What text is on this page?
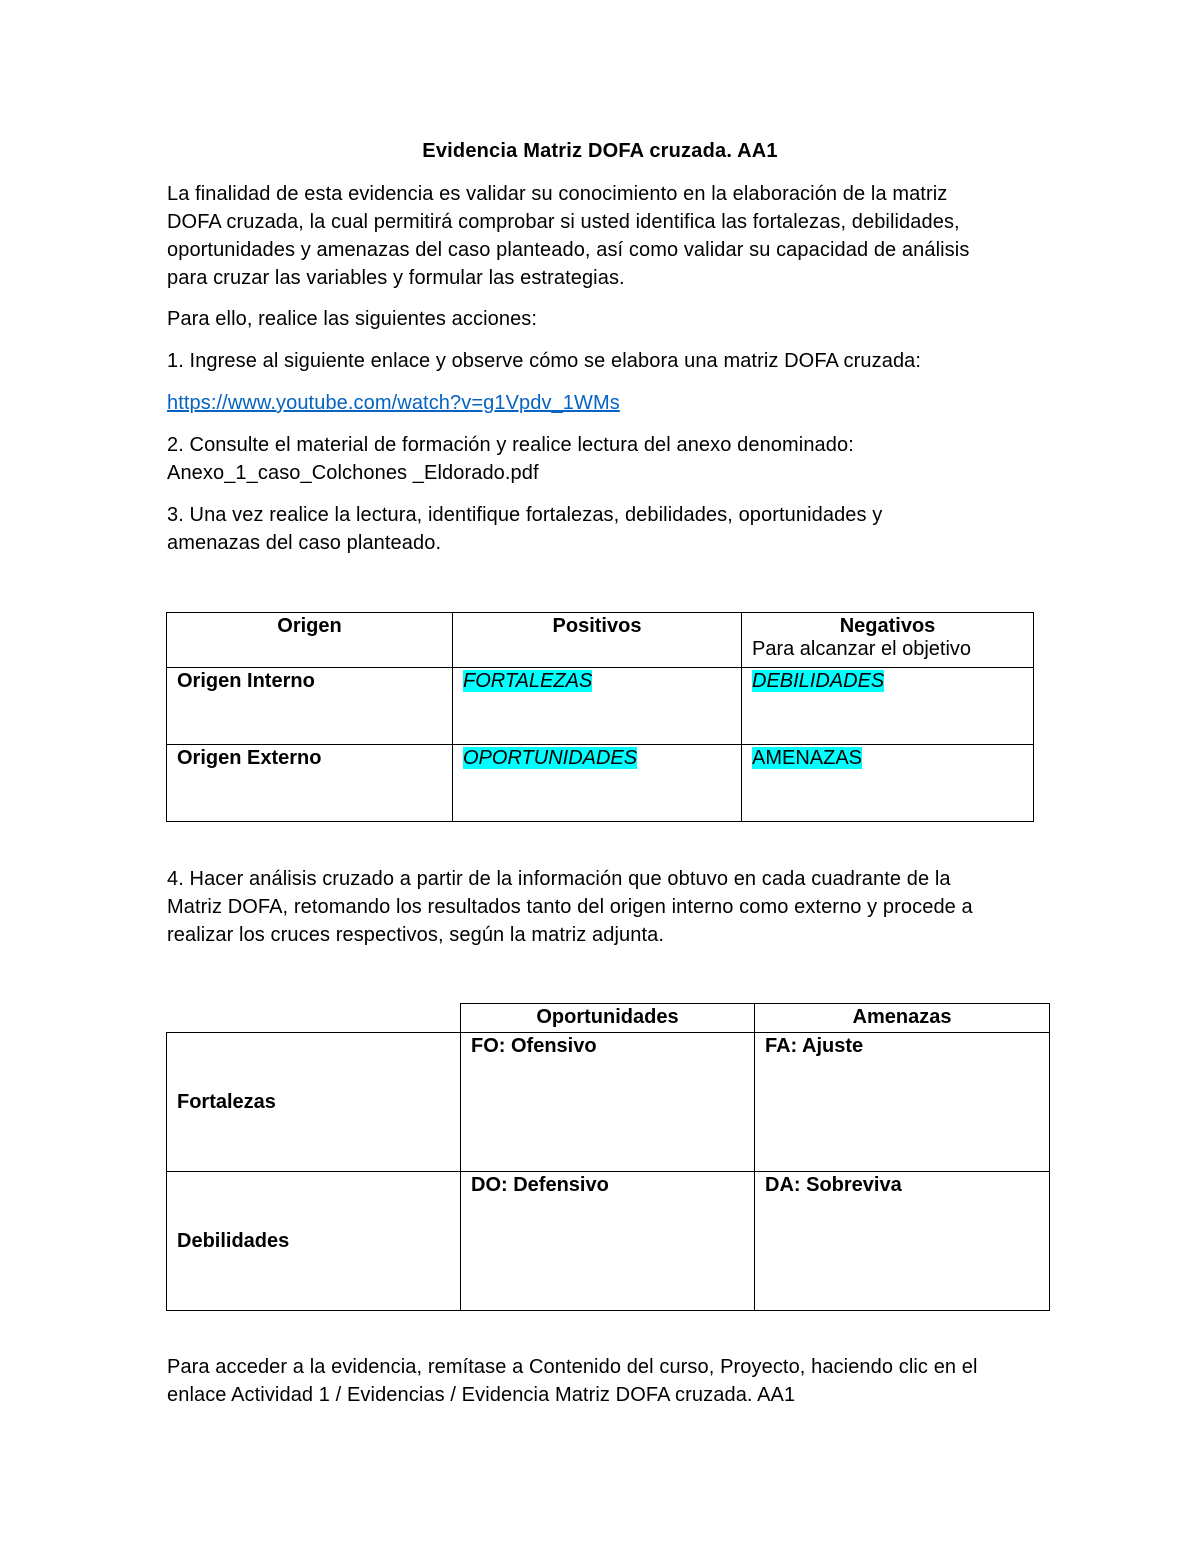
Evidencia Matriz DOFA cruzada. AA1
La finalidad de esta evidencia es validar su conocimiento en la elaboración de la matriz
DOFA cruzada, la cual permitirá comprobar si usted identifica las fortalezas, debilidades,
oportunidades y amenazas del caso planteado, así como validar su capacidad de análisis
para cruzar las variables y formular las estrategias.
Para ello, realice las siguientes acciones:
1. Ingrese al siguiente enlace y observe cómo se elabora una matriz DOFA cruzada:
https://www.youtube.com/watch?v=g1Vpdv_1WMs
2. Consulte el material de formación y realice lectura del anexo denominado:
Anexo_1_caso_Colchones _Eldorado.pdf
3. Una vez realice la lectura, identifique fortalezas, debilidades, oportunidades y
amenazas del caso planteado.
Origen	Positivos	Negativos
Para alcanzar el objetivo

Origen Interno	FORTALEZAS	DEBILIDADES
Origen Externo	OPORTUNIDADES	AMENAZAS
4. Hacer análisis cruzado a partir de la información que obtuvo en cada cuadrante de la
Matriz DOFA, retomando los resultados tanto del origen interno como externo y procede a
realizar los cruces respectivos, según la matriz adjunta.
	Oportunidades	Amenazas
Fortalezas	FO: Ofensivo	FA: Ajuste
Debilidades	DO: Defensivo	DA: Sobreviva
Para acceder a la evidencia, remítase a Contenido del curso, Proyecto, haciendo clic en el
enlace Actividad 1 / Evidencias / Evidencia Matriz DOFA cruzada. AA1
